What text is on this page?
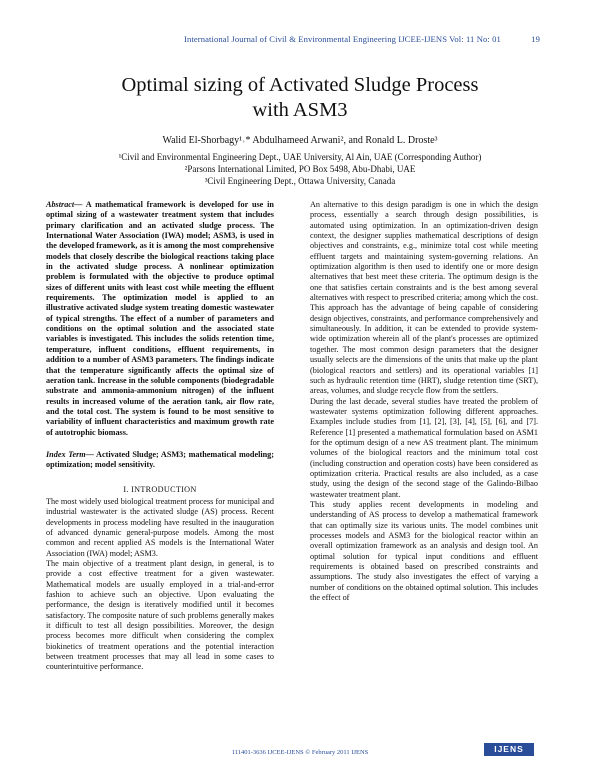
International Journal of Civil & Environmental Engineering IJCEE-IJENS Vol: 11 No: 01	19
Optimal sizing of Activated Sludge Process
with ASM3
Walid El-Shorbagy¹˒* Abdulhameed Arwani², and Ronald L. Droste³
¹Civil and Environmental Engineering Dept., UAE University, Al Ain, UAE (Corresponding Author)
²Parsons International Limited, PO Box 5498, Abu-Dhabi, UAE
³Civil Engineering Dept., Ottawa University, Canada

Abstract— A mathematical framework is developed for use in optimal sizing of a wastewater treatment system that includes primary clarification and an activated sludge process. The International Water Association (IWA) model; ASM3, is used in the developed framework, as it is among the most comprehensive models that closely describe the biological reactions taking place in the activated sludge process. A nonlinear optimization problem is formulated with the objective to produce optimal sizes of different units with least cost while meeting the effluent requirements. The optimization model is applied to an illustrative activated sludge system treating domestic wastewater of typical strengths. The effect of a number of parameters and conditions on the optimal solution and the associated state variables is investigated. This includes the solids retention time, temperature, influent conditions, effluent requirements, in addition to a number of ASM3 parameters. The findings indicate that the temperature significantly affects the optimal size of aeration tank. Increase in the soluble components (biodegradable substrate and ammonia-ammonium nitrogen) of the influent results in increased volume of the aeration tank, air flow rate, and the total cost. The system is found to be most sensitive to variability of influent characteristics and maximum growth rate of autotrophic biomass.

Index Term— Activated Sludge; ASM3; mathematical modeling; optimization; model sensitivity.

I. INTRODUCTION

The most widely used biological treatment process for municipal and industrial wastewater is the activated sludge (AS) process. Recent developments in process modeling have resulted in the inauguration of advanced dynamic general-purpose models. Among the most common and recent applied AS models is the International Water Association (IWA) model; ASM3.

The main objective of a treatment plant design, in general, is to provide a cost effective treatment for a given wastewater. Mathematical models are usually employed in a trial-and-error fashion to achieve such an objective. Upon evaluating the performance, the design is iteratively modified until it becomes satisfactory. The composite nature of such problems generally makes it difficult to test all design possibilities. Moreover, the design process becomes more difficult when considering the complex biokinetics of treatment operations and the potential interaction between treatment processes that may all lead in some cases to counterintuitive performance.

An alternative to this design paradigm is one in which the design process, essentially a search through design possibilities, is automated using optimization. In an optimization-driven design context, the designer supplies mathematical descriptions of design objectives and constraints, e.g., minimize total cost while meeting effluent targets and maintaining system-governing relations. An optimization algorithm is then used to identify one or more design alternatives that best meet these criteria. The optimum design is the one that satisfies certain constraints and is the best among several alternatives with respect to prescribed criteria; among which the cost. This approach has the advantage of being capable of considering design objectives, constraints, and performance comprehensively and simultaneously. In addition, it can be extended to provide system-wide optimization wherein all of the plant's processes are optimized together. The most common design parameters that the designer usually selects are the dimensions of the units that make up the plant (biological reactors and settlers) and its operational variables [1] such as hydraulic retention time (HRT), sludge retention time (SRT), areas, volumes, and sludge recycle flow from the settlers.

During the last decade, several studies have treated the problem of wastewater systems optimization following different approaches. Examples include studies from [1], [2], [3], [4], [5], [6], and [7]. Reference [1] presented a mathematical formulation based on ASM1 for the optimum design of a new AS treatment plant. The minimum volumes of the biological reactors and the minimum total cost (including construction and operation costs) have been considered as optimization criteria. Practical results are also included, as a case study, using the design of the second stage of the Galindo-Bilbao wastewater treatment plant.

This study applies recent developments in modeling and understanding of AS process to develop a mathematical framework that can optimally size its various units. The model combines unit processes models and ASM3 for the biological reactor within an overall optimization framework as an analysis and design tool. An optimal solution for typical input conditions and effluent requirements is obtained based on prescribed constraints and assumptions. The study also investigates the effect of varying a number of conditions on the obtained optimal solution. This includes the effect of

111401-3636 IJCEE-IJENS © February 2011 IJENS	IJENS
